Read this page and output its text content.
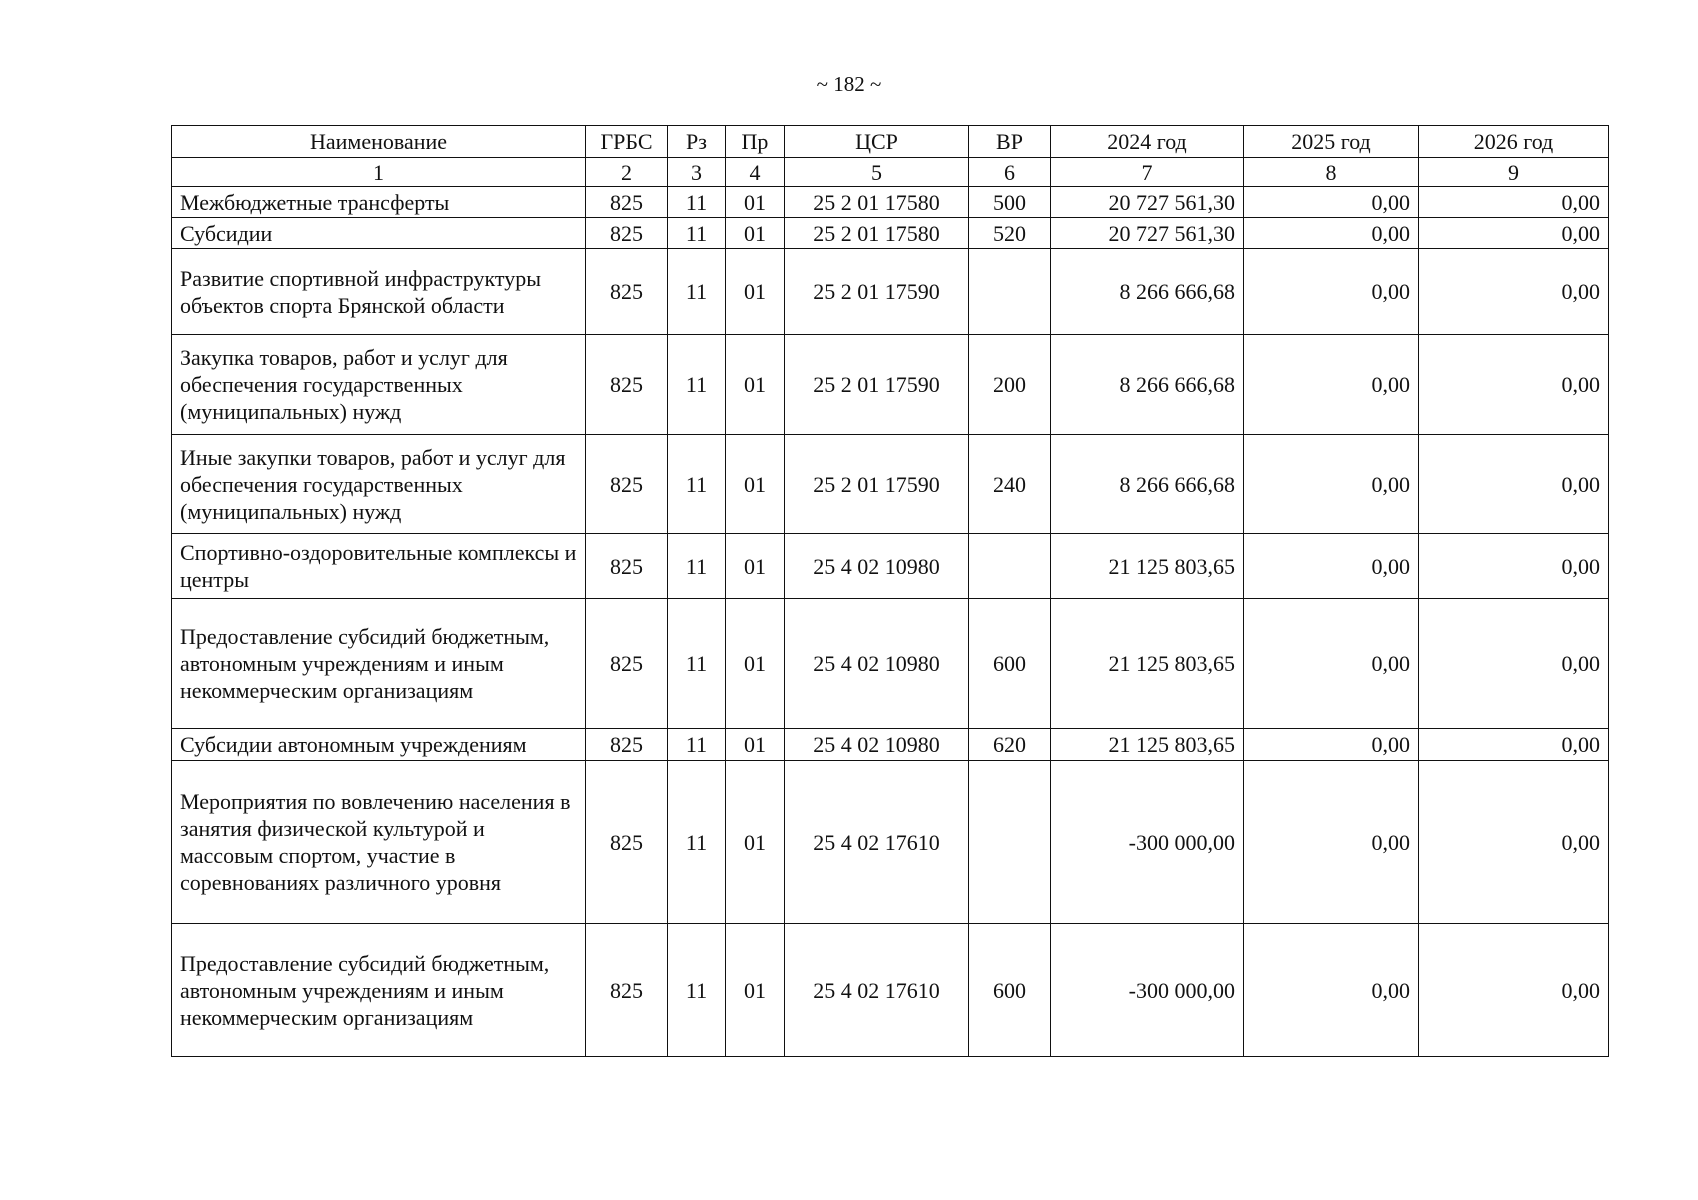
~ 182 ~
Наименование	ГРБС	Рз	Пр	ЦСР	ВР	2024 год	2025 год	2026 год
1	2	3	4	5	6	7	8	9
Межбюджетные трансферты	825	11	01	25 2 01 17580	500	20 727 561,30	0,00	0,00
Субсидии	825	11	01	25 2 01 17580	520	20 727 561,30	0,00	0,00
Развитие спортивной инфраструктуры объектов спорта Брянской области	825	11	01	25 2 01 17590		8 266 666,68	0,00	0,00
Закупка товаров, работ и услуг для обеспечения государственных (муниципальных) нужд	825	11	01	25 2 01 17590	200	8 266 666,68	0,00	0,00
Иные закупки товаров, работ и услуг для обеспечения государственных (муниципальных) нужд	825	11	01	25 2 01 17590	240	8 266 666,68	0,00	0,00
Спортивно-оздоровительные комплексы и центры	825	11	01	25 4 02 10980		21 125 803,65	0,00	0,00
Предоставление субсидий бюджетным, автономным учреждениям и иным некоммерческим организациям	825	11	01	25 4 02 10980	600	21 125 803,65	0,00	0,00
Субсидии автономным учреждениям	825	11	01	25 4 02 10980	620	21 125 803,65	0,00	0,00
Мероприятия по вовлечению населения в занятия физической культурой и массовым спортом, участие в соревнованиях различного уровня	825	11	01	25 4 02 17610		-300 000,00	0,00	0,00
Предоставление субсидий бюджетным, автономным учреждениям и иным некоммерческим организациям	825	11	01	25 4 02 17610	600	-300 000,00	0,00	0,00
